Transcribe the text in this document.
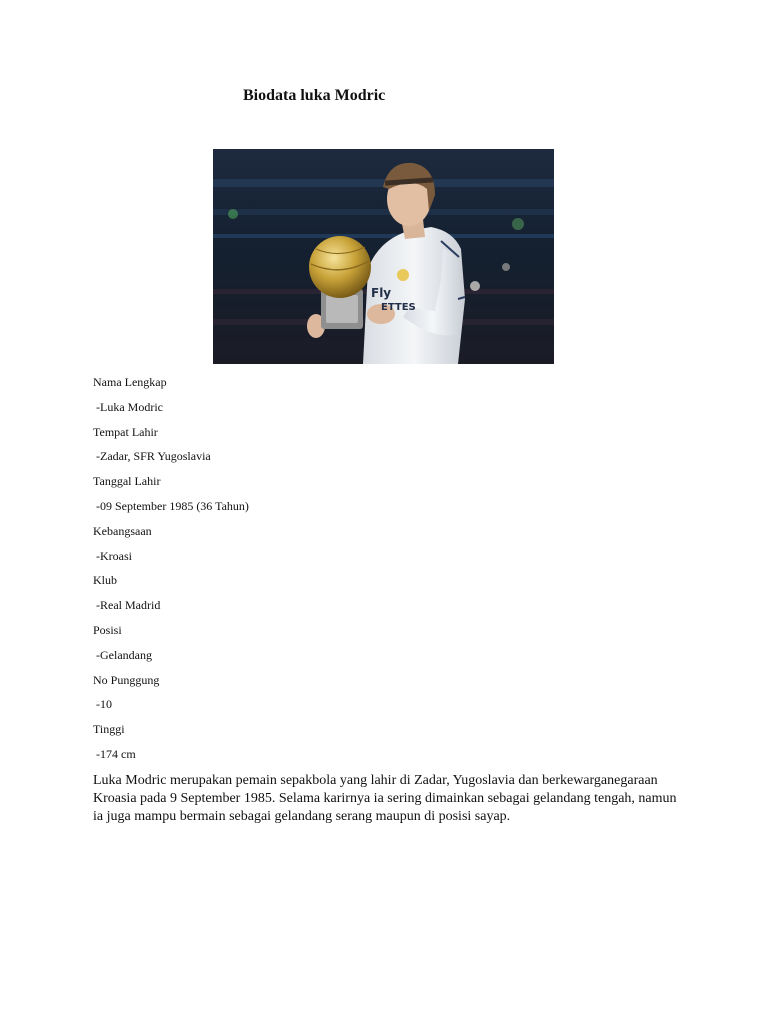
Biodata luka Modric
Fly
ETTES
Nama Lengkap
-Luka Modric
Tempat Lahir
-Zadar, SFR Yugoslavia
Tanggal Lahir
-09 September 1985 (36 Tahun)
Kebangsaan
-Kroasi
Klub
-Real Madrid
Posisi
-Gelandang
No Punggung
-10
Tinggi
-174 cm
Luka Modric merupakan pemain sepakbola yang lahir di Zadar, Yugoslavia dan berkewarganegaraan Kroasia pada 9 September 1985. Selama karirnya ia sering dimainkan sebagai gelandang tengah, namun ia juga mampu bermain sebagai gelandang serang maupun di posisi sayap.
